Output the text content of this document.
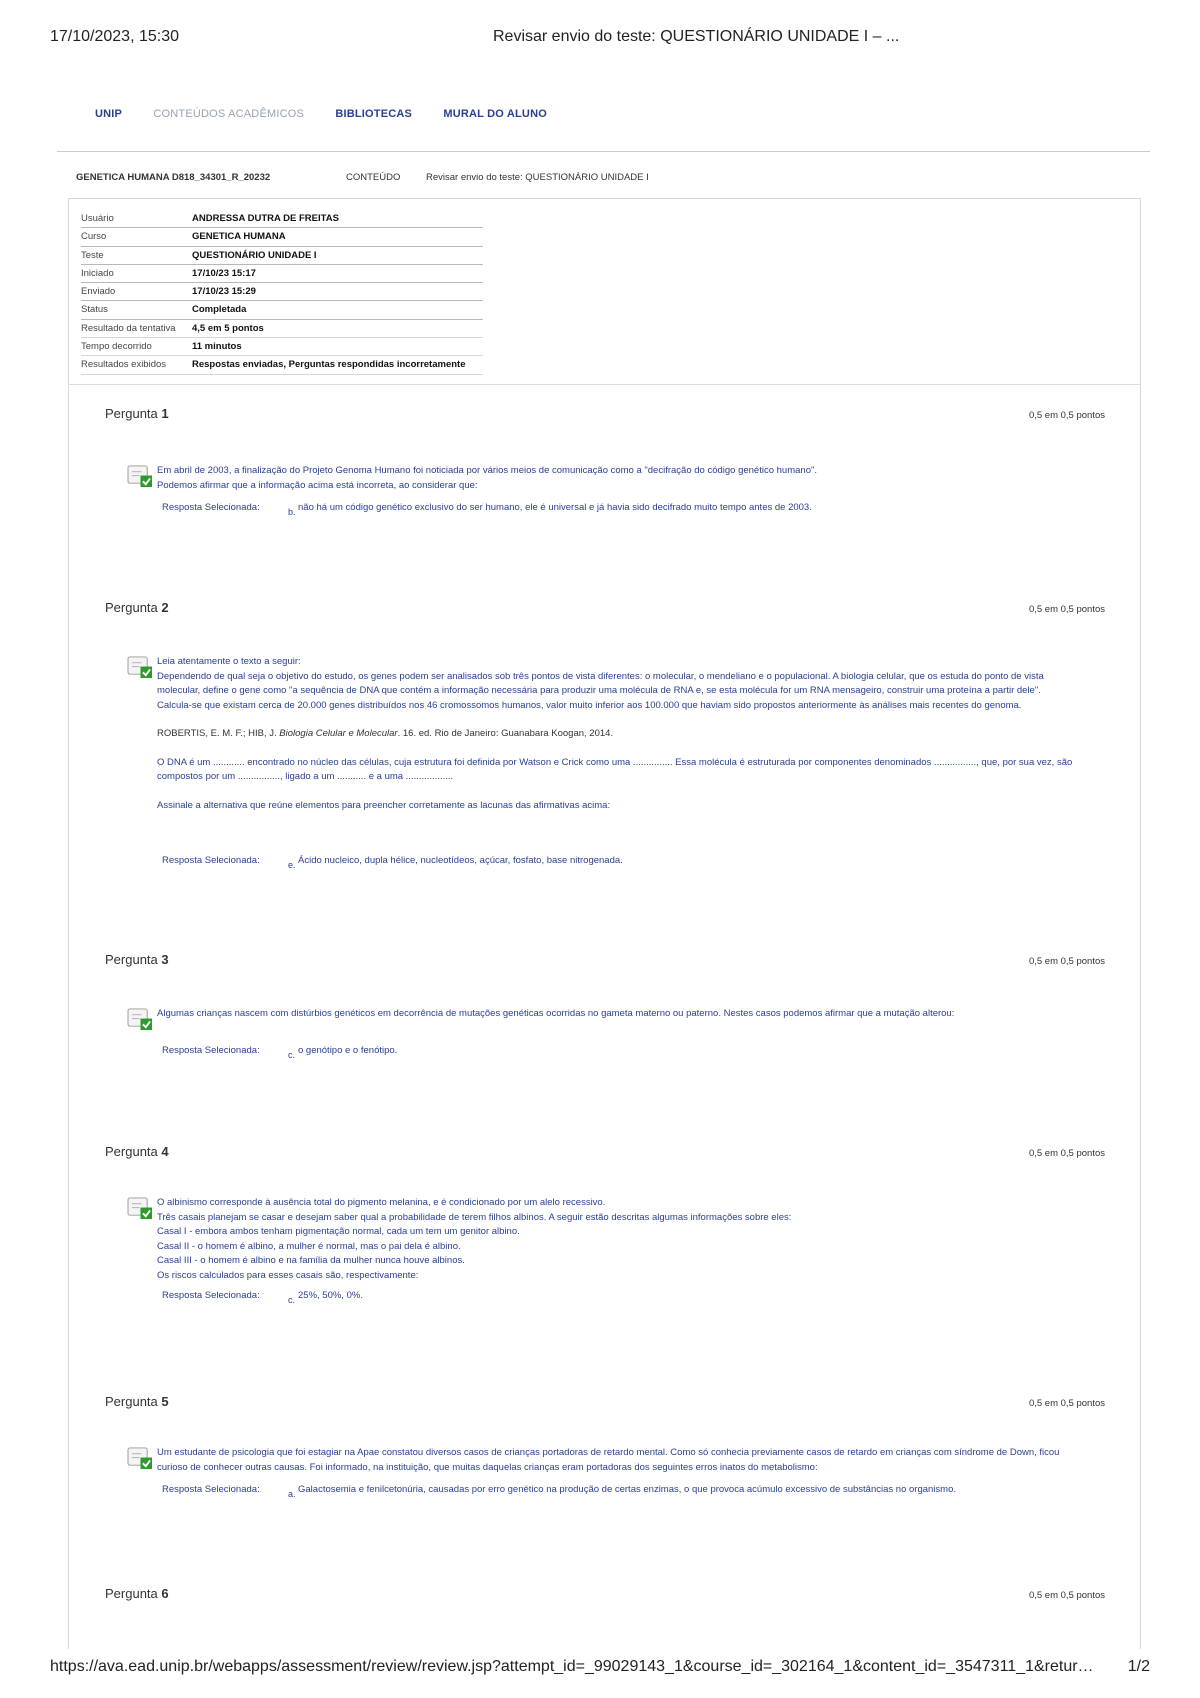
17/10/2023, 15:30	Revisar envio do teste: QUESTIONÁRIO UNIDADE I – ...
UNIP	CONTEÚDOS ACADÊMICOS	BIBLIOTECAS	MURAL DO ALUNO
GENETICA HUMANA D818_34301_R_20232	CONTEÚDO	Revisar envio do teste: QUESTIONÁRIO UNIDADE I
Usuário	ANDRESSA DUTRA DE FREITAS
Curso	GENETICA HUMANA
Teste	QUESTIONÁRIO UNIDADE I
Iniciado	17/10/23 15:17
Enviado	17/10/23 15:29
Status	Completada
Resultado da tentativa	4,5 em 5 pontos
Tempo decorrido	11 minutos
Resultados exibidos	Respostas enviadas, Perguntas respondidas incorretamente
Pergunta 1	0,5 em 0,5 pontos

Em abril de 2003, a finalização do Projeto Genoma Humano foi noticiada por vários meios de comunicação como a "decifração do código genético humano".

Podemos afirmar que a informação acima está incorreta, ao considerar que:

Resposta Selecionada:	b. não há um código genético exclusivo do ser humano, ele é universal e já havia sido decifrado muito tempo antes de 2003.
Pergunta 2	0,5 em 0,5 pontos

Leia atentamente o texto a seguir:

Dependendo de qual seja o objetivo do estudo, os genes podem ser analisados sob três pontos de vista diferentes: o molecular, o mendeliano e o populacional. A biologia celular, que os estuda do ponto de vista molecular, define o gene como "a sequência de DNA que contém a informação necessária para produzir uma molécula de RNA e, se esta molécula for um RNA mensageiro, construir uma proteína a partir dele".

Calcula-se que existam cerca de 20.000 genes distribuídos nos 46 cromossomos humanos, valor muito inferior aos 100.000 que haviam sido propostos anteriormente às análises mais recentes do genoma.

ROBERTIS, E. M. F.; HIB, J. Biologia Celular e Molecular. 16. ed. Rio de Janeiro: Guanabara Koogan, 2014.

O DNA é um ............ encontrado no núcleo das células, cuja estrutura foi definida por Watson e Crick como uma ............... Essa molécula é estruturada por componentes denominados ................, que, por sua vez, são compostos por um ................, ligado a um ........... e a uma ..................

Assinale a alternativa que reúne elementos para preencher corretamente as lacunas das afirmativas acima:

Resposta Selecionada:	e. Ácido nucleico, dupla hélice, nucleotídeos, açúcar, fosfato, base nitrogenada.
Pergunta 3	0,5 em 0,5 pontos

Algumas crianças nascem com distúrbios genéticos em decorrência de mutações genéticas ocorridas no gameta materno ou paterno. Nestes casos podemos afirmar que a mutação alterou:

Resposta Selecionada:	c. o genótipo e o fenótipo.
Pergunta 4	0,5 em 0,5 pontos

O albinismo corresponde à ausência total do pigmento melanina, e é condicionado por um alelo recessivo.

Três casais planejam se casar e desejam saber qual a probabilidade de terem filhos albinos. A seguir estão descritas algumas informações sobre eles:

Casal I - embora ambos tenham pigmentação normal, cada um tem um genitor albino.

Casal II - o homem é albino, a mulher é normal, mas o pai dela é albino.

Casal III - o homem é albino e na família da mulher nunca houve albinos.

Os riscos calculados para esses casais são, respectivamente:

Resposta Selecionada:	c. 25%, 50%, 0%.
Pergunta 5	0,5 em 0,5 pontos

Um estudante de psicologia que foi estagiar na Apae constatou diversos casos de crianças portadoras de retardo mental. Como só conhecia previamente casos de retardo em crianças com síndrome de Down, ficou curioso de conhecer outras causas. Foi informado, na instituição, que muitas daquelas crianças eram portadoras dos seguintes erros inatos do metabolismo:

Resposta Selecionada:	a. Galactosemia e fenilcetonúria, causadas por erro genético na produção de certas enzimas, o que provoca acúmulo excessivo de substâncias no organismo.
Pergunta 6	0,5 em 0,5 pontos
https://ava.ead.unip.br/webapps/assessment/review/review.jsp?attempt_id=_99029143_1&course_id=_302164_1&content_id=_3547311_1&retur… 1/2
